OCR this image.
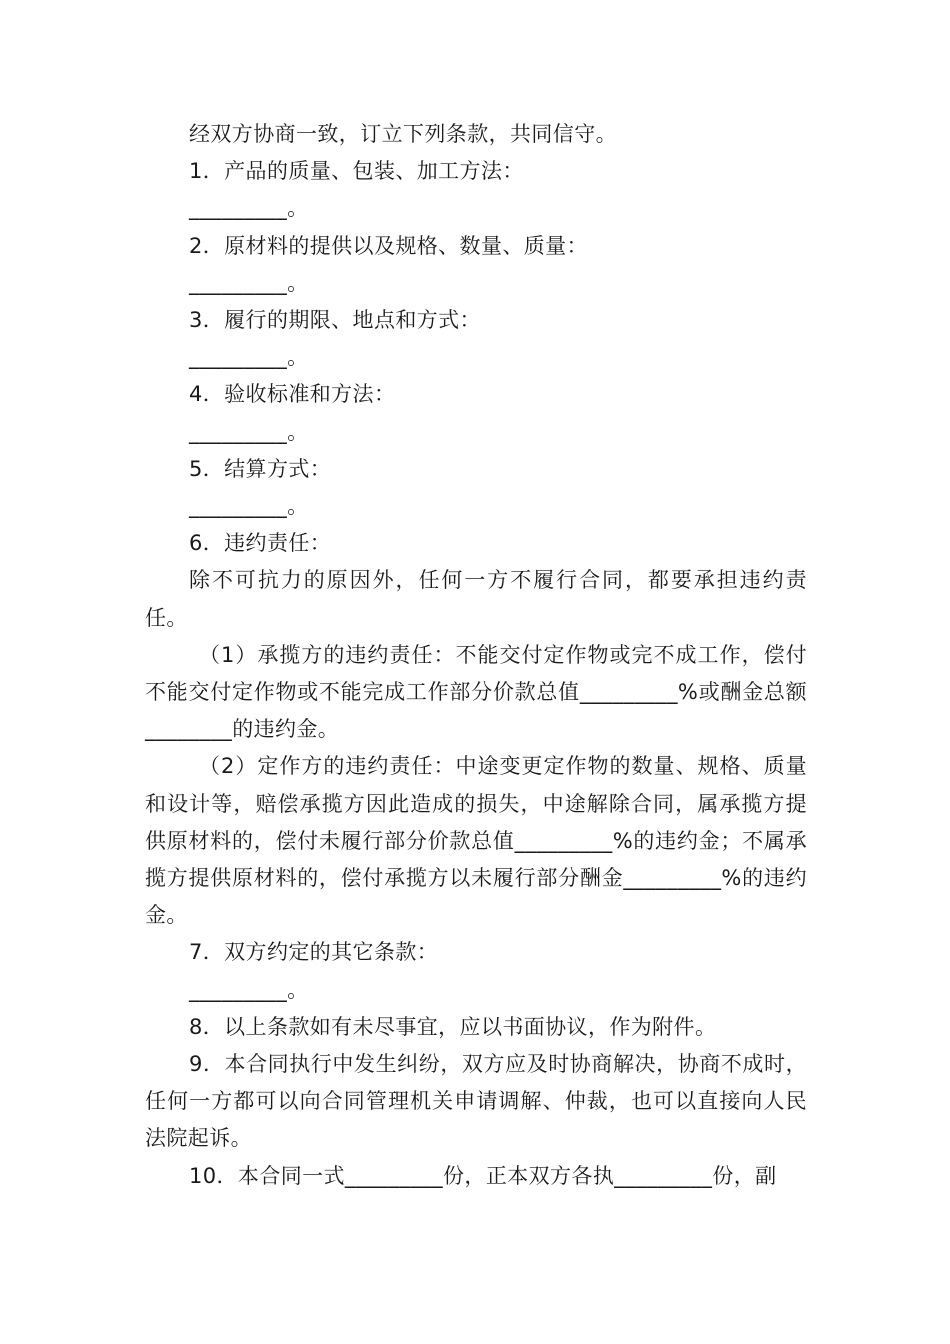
经双方协商一致，订立下列条款，共同信守。

1．产品的质量、包装、加工方法：

_________。

2．原材料的提供以及规格、数量、质量：

_________。

3．履行的期限、地点和方式：

_________。

4．验收标准和方法：

_________。

5．结算方式：

_________。

6．违约责任：

除不可抗力的原因外，任何一方不履行合同，都要承担违约责任。

（1）承揽方的违约责任：不能交付定作物或完不成工作，偿付不能交付定作物或不能完成工作部分价款总值_________%或酬金总额________的违约金。

（2）定作方的违约责任：中途变更定作物的数量、规格、质量和设计等，赔偿承揽方因此造成的损失，中途解除合同，属承揽方提供原材料的，偿付未履行部分价款总值_________%的违约金；不属承揽方提供原材料的，偿付承揽方以未履行部分酬金_________%的违约金。

7．双方约定的其它条款：

_________。

8．以上条款如有未尽事宜，应以书面协议，作为附件。

9．本合同执行中发生纠纷，双方应及时协商解决，协商不成时，任何一方都可以向合同管理机关申请调解、仲裁，也可以直接向人民法院起诉。

10．本合同一式_________份，正本双方各执_________份，副
